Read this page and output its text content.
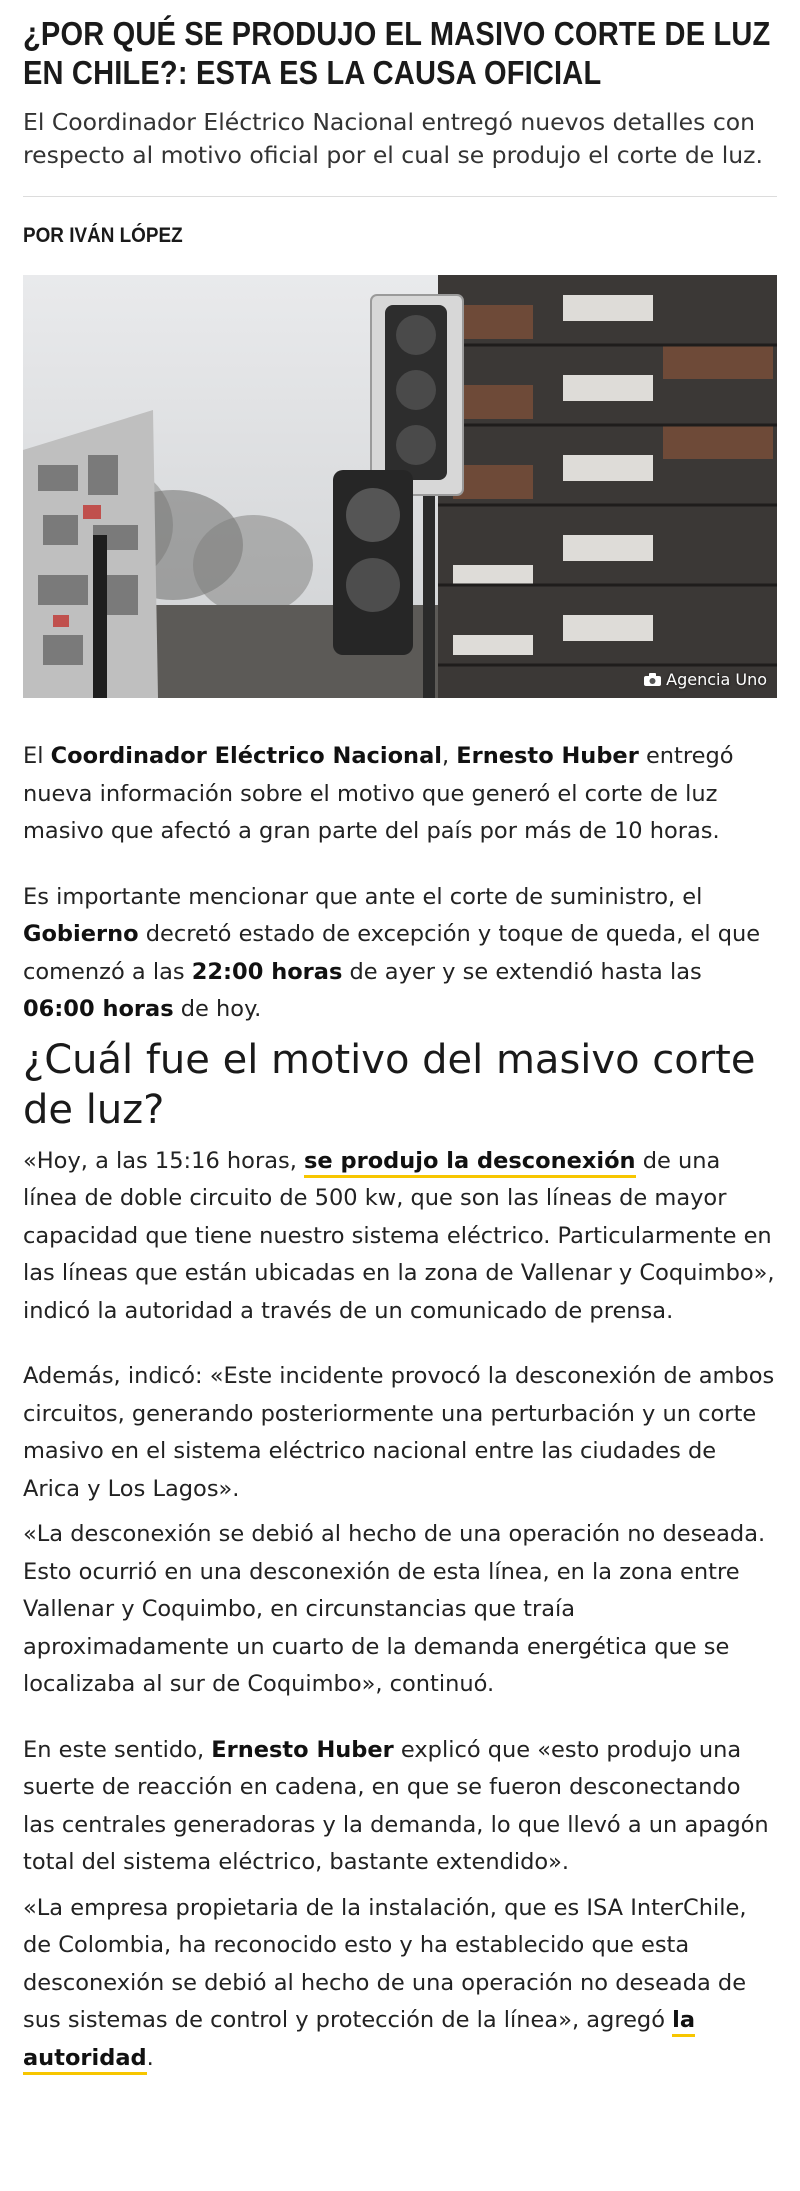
¿POR QUÉ SE PRODUJO EL MASIVO CORTE DE LUZ EN CHILE?: ESTA ES LA CAUSA OFICIAL

El Coordinador Eléctrico Nacional entregó nuevos detalles con respecto al motivo oficial por el cual se produjo el corte de luz.

POR IVÁN LÓPEZ
Agencia Uno

El Coordinador Eléctrico Nacional, Ernesto Huber entregó nueva información sobre el motivo que generó el corte de luz masivo que afectó a gran parte del país por más de 10 horas.

Es importante mencionar que ante el corte de suministro, el Gobierno decretó estado de excepción y toque de queda, el que comenzó a las 22:00 horas de ayer y se extendió hasta las 06:00 horas de hoy.

¿Cuál fue el motivo del masivo corte de luz?

«Hoy, a las 15:16 horas, se produjo la desconexión de una línea de doble circuito de 500 kw, que son las líneas de mayor capacidad que tiene nuestro sistema eléctrico. Particularmente en las líneas que están ubicadas en la zona de Vallenar y Coquimbo», indicó la autoridad a través de un comunicado de prensa.

Además, indicó: «Este incidente provocó la desconexión de ambos circuitos, generando posteriormente una perturbación y un corte masivo en el sistema eléctrico nacional entre las ciudades de Arica y Los Lagos».

«La desconexión se debió al hecho de una operación no deseada. Esto ocurrió en una desconexión de esta línea, en la zona entre Vallenar y Coquimbo, en circunstancias que traía aproximadamente un cuarto de la demanda energética que se localizaba al sur de Coquimbo», continuó.

En este sentido, Ernesto Huber explicó que «esto produjo una suerte de reacción en cadena, en que se fueron desconectando las centrales generadoras y la demanda, lo que llevó a un apagón total del sistema eléctrico, bastante extendido».

«La empresa propietaria de la instalación, que es ISA InterChile, de Colombia, ha reconocido esto y ha establecido que esta desconexión se debió al hecho de una operación no deseada de sus sistemas de control y protección de la línea», agregó la autoridad.
